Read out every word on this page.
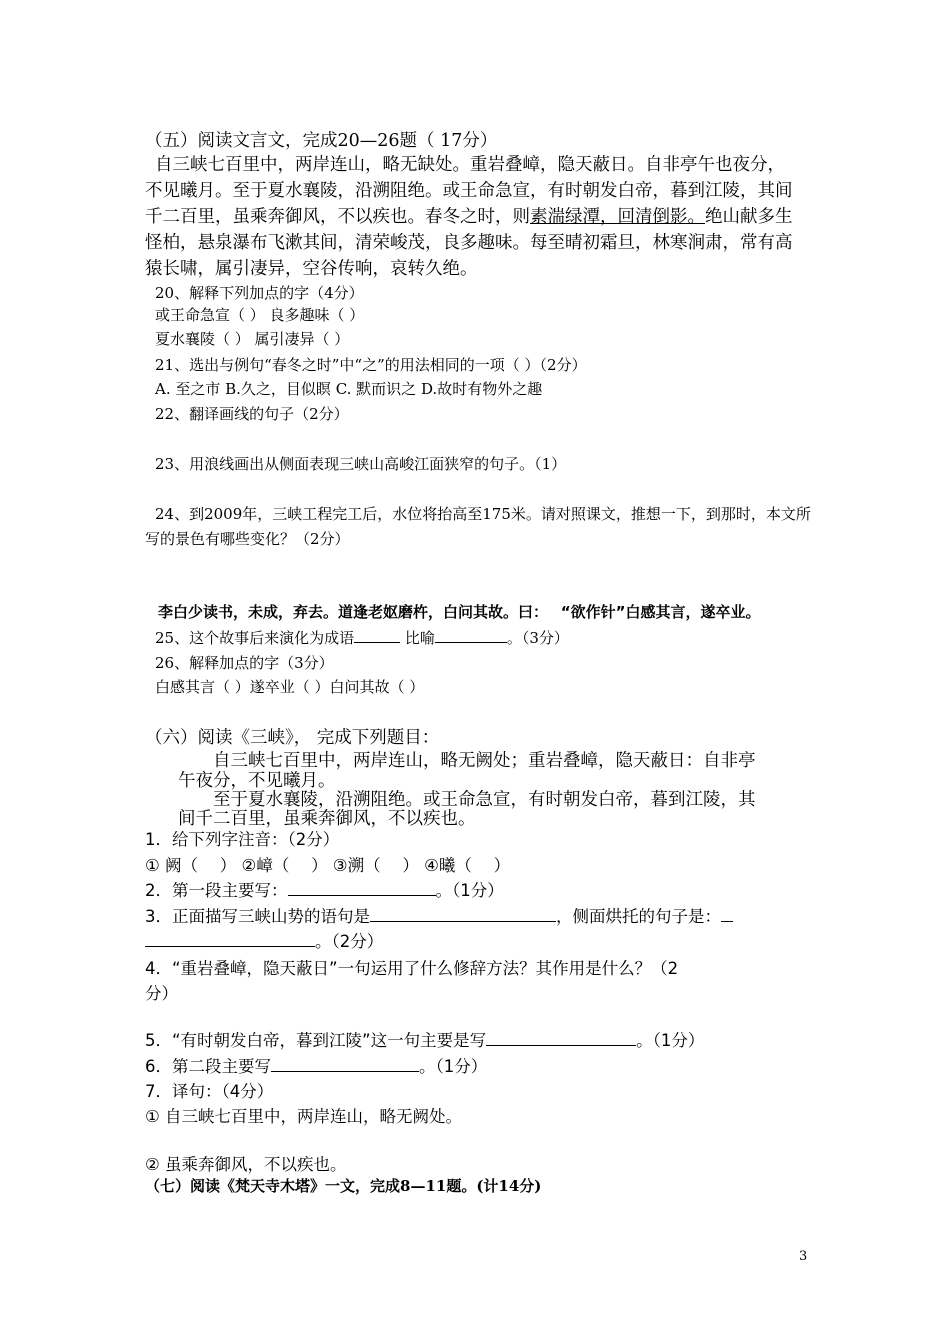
（五）阅读文言文，完成20—26题（ 17分）
自三峡七百里中，两岸连山，略无缺处。重岩叠嶂，隐天蔽日。自非亭午也夜分，
不见曦月。至于夏水襄陵，沿溯阻绝。或王命急宣，有时朝发白帝，暮到江陵，其间
千二百里，虽乘奔御风，不以疾也。春冬之时，则素湍绿潭，回清倒影。绝山献多生
怪柏，悬泉瀑布飞漱其间，清荣峻茂，良多趣味。每至晴初霜旦，林寒涧肃，常有高
猿长啸，属引凄异，空谷传响，哀转久绝。
20、解释下列加点的字（4分）
或王命急宣（ ） 良多趣味（ ）
夏水襄陵（ ） 属引凄异（ ）
21、选出与例句“春冬之时”中“之”的用法相同的一项（ ）（2分）
A. 至之市 B.久之，目似瞑 C. 默而识之 D.故时有物外之趣
22、翻译画线的句子（2分）
23、用浪线画出从侧面表现三峡山高峻江面狭窄的句子。（1）
24、到2009年，三峡工程完工后，水位将抬高至175米。请对照课文，推想一下，到那时，本文所
写的景色有哪些变化？（2分）
李白少读书，未成，弃去。道逢老妪磨杵，白问其故。曰：　 “欲作针”白感其言，遂卒业。
25、这个故事后来演化为成语	比喻	。（3分）
26、解释加点的字（3分）
白感其言（ ）遂卒业（ ）白问其故（ ）
（六）阅读《三峡》， 完成下列题目：
自三峡七百里中，两岸连山，略无阙处；重岩叠嶂，隐天蔽日：自非亭
午夜分，不见曦月。
至于夏水襄陵，沿溯阻绝。或王命急宣，有时朝发白帝，暮到江陵，其
间千二百里，虽乘奔御风，不以疾也。
1．给下列字注音：（2分）
① 阙（　 ） ②嶂（　 ） ③溯（　 ） ④曦（　 ）
2．第一段主要写：	。（1分）
3．正面描写三峡山势的语句是	，侧面烘托的句子是：
。（2分）
4．“重岩叠嶂，隐天蔽日”一句运用了什么修辞方法？其作用是什么？（2
分）
5．“有时朝发白帝，暮到江陵”这一句主要是写	。（1分）
6．第二段主要写	。（1分）
7．译句：（4分）
① 自三峡七百里中，两岸连山，略无阙处。
② 虽乘奔御风，不以疾也。
（七）阅读《梵天寺木塔》一文，完成8—11题。(计14分)
3
